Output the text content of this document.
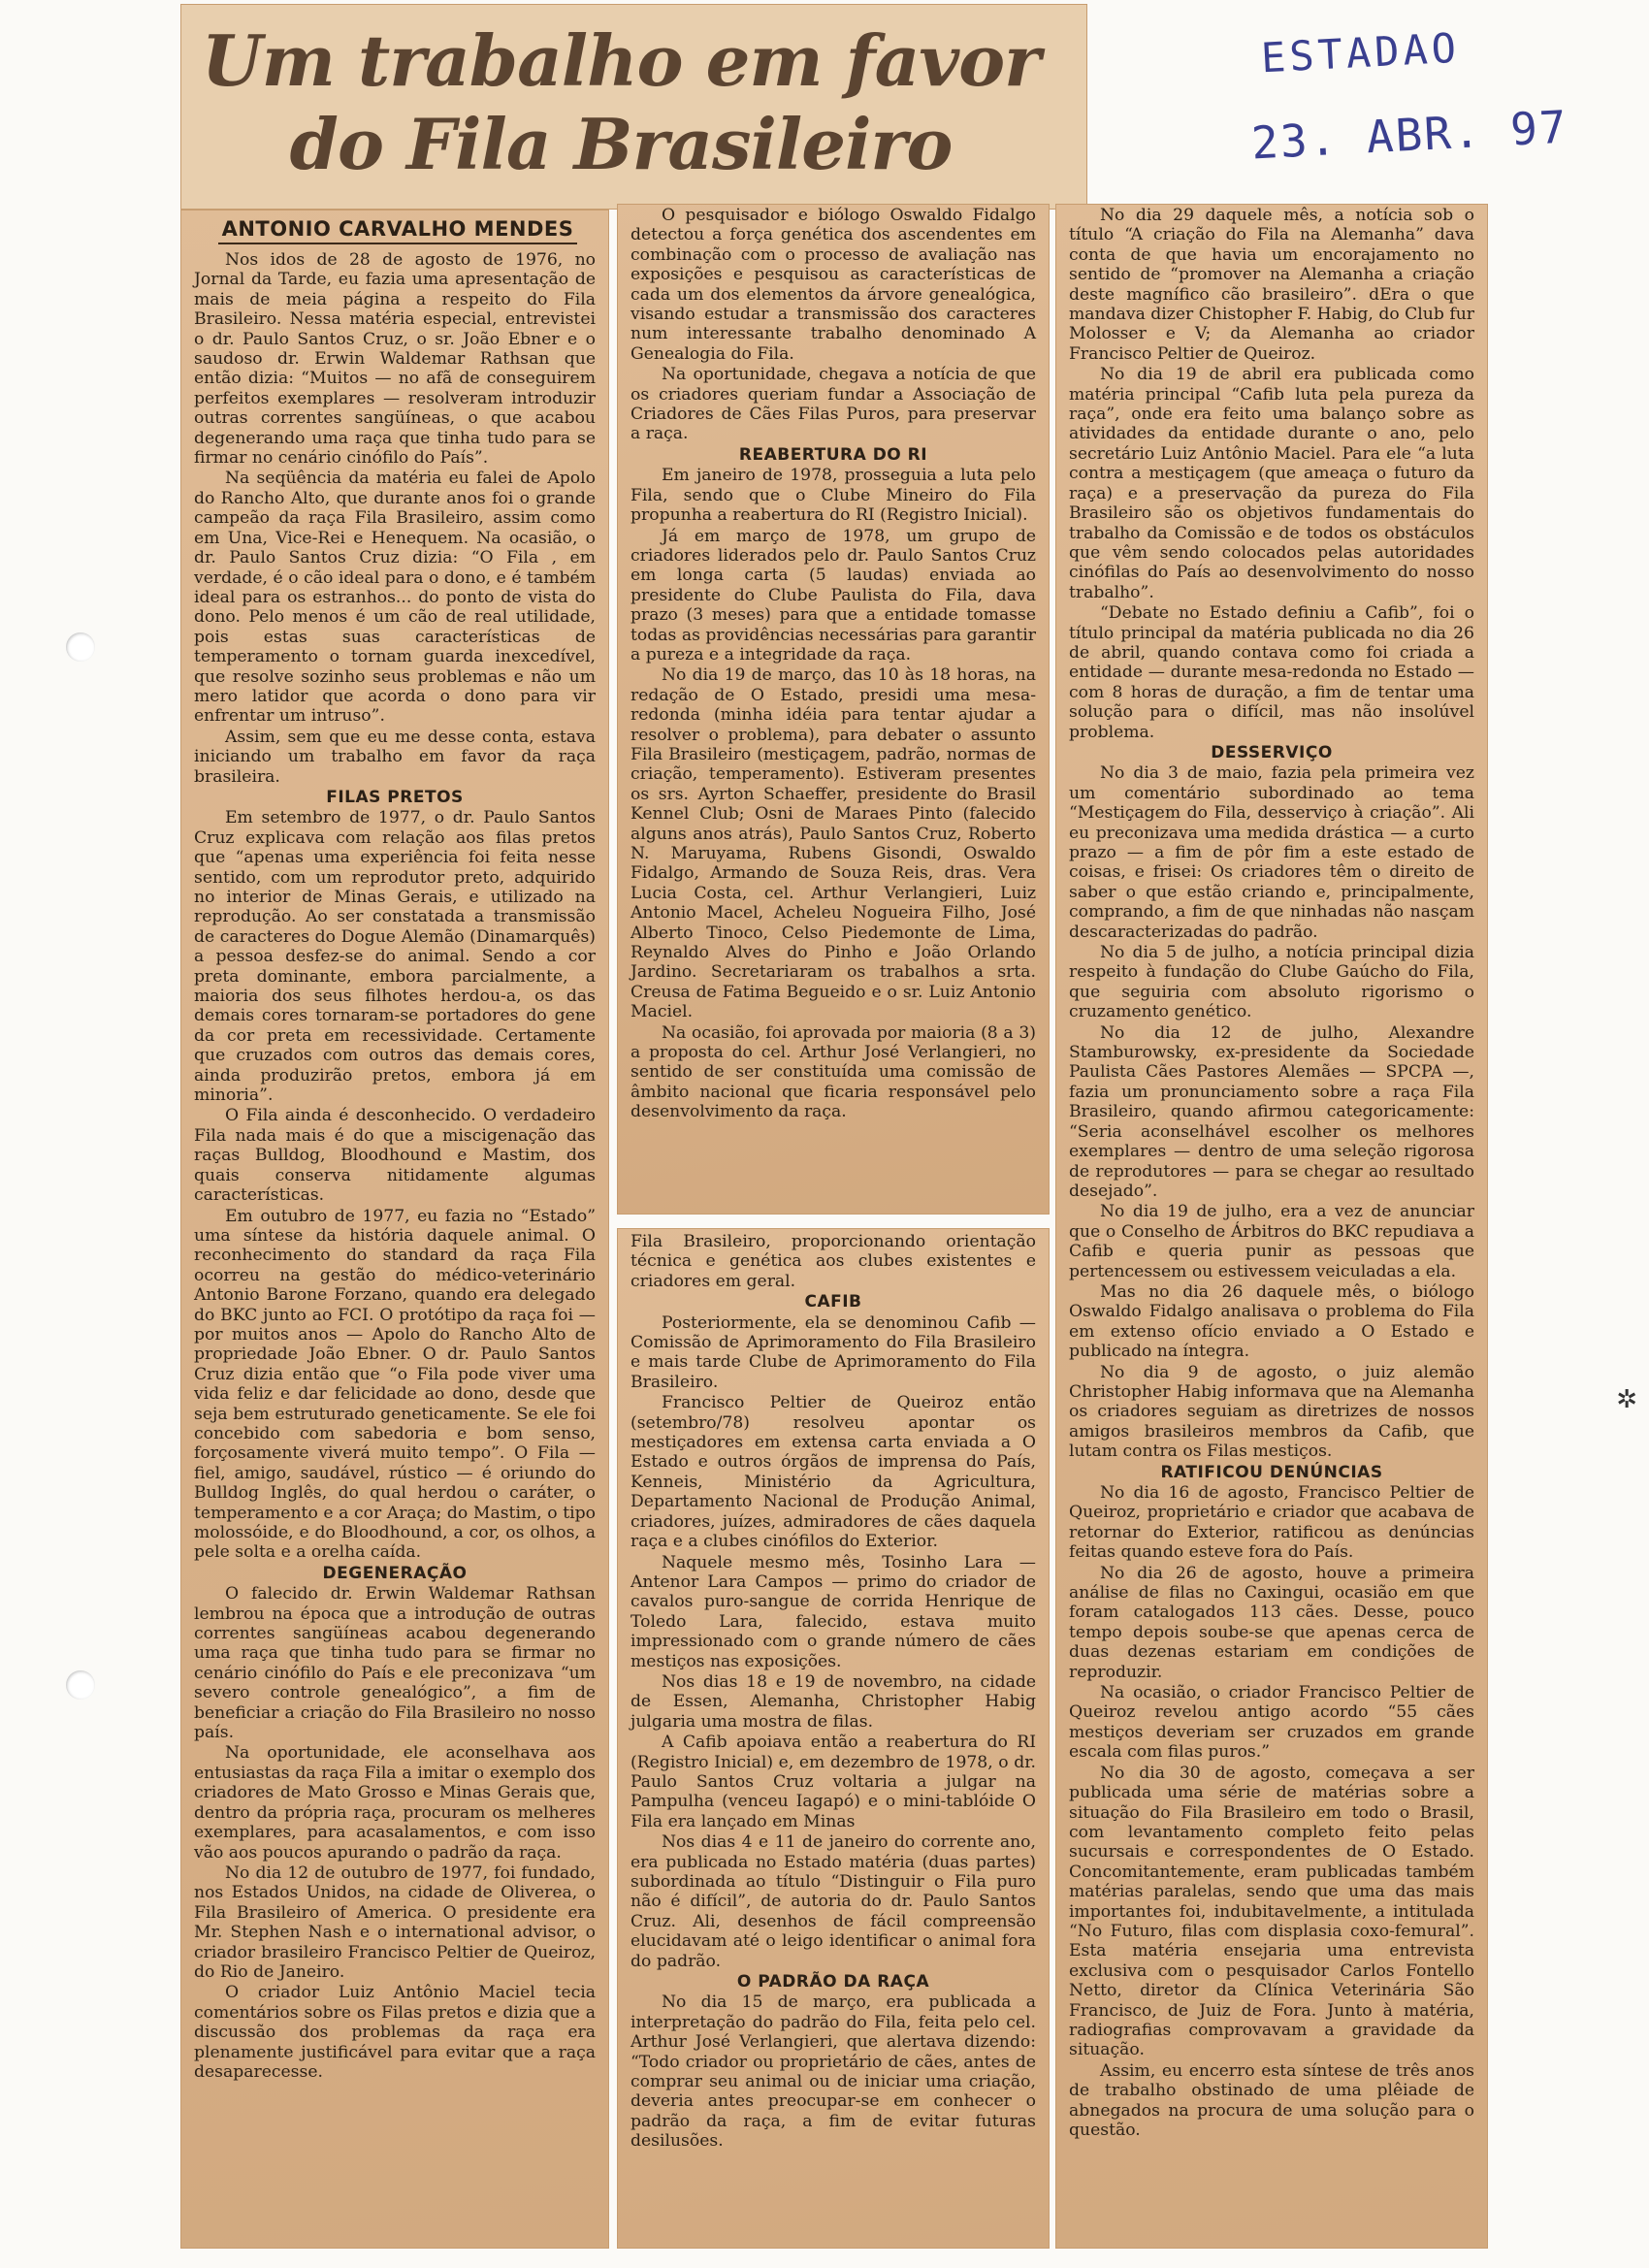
ESTADAO
23. ABR. 97
Um trabalho em favor
do Fila Brasileiro
ANTONIO CARVALHO MENDES

Nos idos de 28 de agosto de 1976, no Jornal da Tarde, eu fazia uma apresentação de mais de meia página a respeito do Fila Brasileiro. Nessa matéria especial, entrevistei o dr. Paulo Santos Cruz, o sr. João Ebner e o saudoso dr. Erwin Waldemar Rathsan que então dizia: “Muitos — no afã de conseguirem perfeitos exemplares — resolveram introduzir outras correntes sangüíneas, o que acabou degenerando uma raça que tinha tudo para se firmar no cenário cinófilo do País”.

Na seqüência da matéria eu falei de Apolo do Rancho Alto, que durante anos foi o grande campeão da raça Fila Brasileiro, assim como em Una, Vice-Rei e Henequem. Na ocasião, o dr. Paulo Santos Cruz dizia: “O Fila , em verdade, é o cão ideal para o dono, e é também ideal para os estranhos... do ponto de vista do dono. Pelo menos é um cão de real utilidade, pois estas suas características de temperamento o tornam guarda inexcedível, que resolve sozinho seus problemas e não um mero latidor que acorda o dono para vir enfrentar um intruso”.

Assim, sem que eu me desse conta, estava iniciando um trabalho em favor da raça brasileira.

FILAS PRETOS

Em setembro de 1977, o dr. Paulo Santos Cruz explicava com relação aos filas pretos que “apenas uma experiência foi feita nesse sentido, com um reprodutor preto, adquirido no interior de Minas Gerais, e utilizado na reprodução. Ao ser constatada a transmissão de caracteres do Dogue Alemão (Dinamarquês) a pessoa desfez-se do animal. Sendo a cor preta dominante, embora parcialmente, a maioria dos seus filhotes herdou-a, os das demais cores tornaram-se portadores do gene da cor preta em recessividade. Certamente que cruzados com outros das demais cores, ainda produzirão pretos, embora já em minoria”.

O Fila ainda é desconhecido. O verdadeiro Fila nada mais é do que a miscigenação das raças Bulldog, Bloodhound e Mastim, dos quais conserva nitidamente algumas características.

Em outubro de 1977, eu fazia no “Estado” uma síntese da história daquele animal. O reconhecimento do standard da raça Fila ocorreu na gestão do médico-veterinário Antonio Barone Forzano, quando era delegado do BKC junto ao FCI. O protótipo da raça foi — por muitos anos — Apolo do Rancho Alto de propriedade João Ebner. O dr. Paulo Santos Cruz dizia então que “o Fila pode viver uma vida feliz e dar felicidade ao dono, desde que seja bem estruturado geneticamente. Se ele foi concebido com sabedoria e bom senso, forçosamente viverá muito tempo”. O Fila — fiel, amigo, saudável, rústico — é oriundo do Bulldog Inglês, do qual herdou o caráter, o temperamento e a cor Araça; do Mastim, o tipo molossóide, e do Bloodhound, a cor, os olhos, a pele solta e a orelha caída.

DEGENERAÇÃO

O falecido dr. Erwin Waldemar Rathsan lembrou na época que a introdução de outras correntes sangüíneas acabou degenerando uma raça que tinha tudo para se firmar no cenário cinófilo do País e ele preconizava “um severo controle genealógico”, a fim de beneficiar a criação do Fila Brasileiro no nosso país.

Na oportunidade, ele aconselhava aos entusiastas da raça Fila a imitar o exemplo dos criadores de Mato Grosso e Minas Gerais que, dentro da própria raça, procuram os melheres exemplares, para acasalamentos, e com isso vão aos poucos apurando o padrão da raça.

No dia 12 de outubro de 1977, foi fundado, nos Estados Unidos, na cidade de Oliverea, o Fila Brasileiro of America. O presidente era Mr. Stephen Nash e o international advisor, o criador brasileiro Francisco Peltier de Queiroz, do Rio de Janeiro.

O criador Luiz Antônio Maciel tecia comentários sobre os Filas pretos e dizia que a discussão dos problemas da raça era plenamente justificável para evitar que a raça desaparecesse.

O pesquisador e biólogo Oswaldo Fidalgo detectou a força genética dos ascendentes em combinação com o processo de avaliação nas exposições e pesquisou as características de cada um dos elementos da árvore genealógica, visando estudar a transmissão dos caracteres num interessante trabalho denominado A Genealogia do Fila.

Na oportunidade, chegava a notícia de que os criadores queriam fundar a Associação de Criadores de Cães Filas Puros, para preservar a raça.

REABERTURA DO RI

Em janeiro de 1978, prosseguia a luta pelo Fila, sendo que o Clube Mineiro do Fila propunha a reabertura do RI (Registro Inicial).

Já em março de 1978, um grupo de criadores liderados pelo dr. Paulo Santos Cruz em longa carta (5 laudas) enviada ao presidente do Clube Paulista do Fila, dava prazo (3 meses) para que a entidade tomasse todas as providências necessárias para garantir a pureza e a integridade da raça.

No dia 19 de março, das 10 às 18 horas, na redação de O Estado, presidi uma mesa-redonda (minha idéia para tentar ajudar a resolver o problema), para debater o assunto Fila Brasileiro (mestiçagem, padrão, normas de criação, temperamento). Estiveram presentes os srs. Ayrton Schaeffer, presidente do Brasil Kennel Club; Osni de Maraes Pinto (falecido alguns anos atrás), Paulo Santos Cruz, Roberto N. Maruyama, Rubens Gisondi, Oswaldo Fidalgo, Armando de Souza Reis, dras. Vera Lucia Costa, cel. Arthur Verlangieri, Luiz Antonio Macel, Acheleu Nogueira Filho, José Alberto Tinoco, Celso Piedemonte de Lima, Reynaldo Alves do Pinho e João Orlando Jardino. Secretariaram os trabalhos a srta. Creusa de Fatima Begueido e o sr. Luiz Antonio Maciel.

Na ocasião, foi aprovada por maioria (8 a 3) a proposta do cel. Arthur José Verlangieri, no sentido de ser constituída uma comissão de âmbito nacional que ficaria responsável pelo desenvolvimento da raça.

Fila Brasileiro, proporcionando orientação técnica e genética aos clubes existentes e criadores em geral.

CAFIB

Posteriormente, ela se denominou Cafib — Comissão de Aprimoramento do Fila Brasileiro e mais tarde Clube de Aprimoramento do Fila Brasileiro.

Francisco Peltier de Queiroz então (setembro/78) resolveu apontar os mestiçadores em extensa carta enviada a O Estado e outros órgãos de imprensa do País, Kenneis, Ministério da Agricultura, Departamento Nacional de Produção Animal, criadores, juízes, admiradores de cães daquela raça e a clubes cinófilos do Exterior.

Naquele mesmo mês, Tosinho Lara — Antenor Lara Campos — primo do criador de cavalos puro-sangue de corrida Henrique de Toledo Lara, falecido, estava muito impressionado com o grande número de cães mestiços nas exposições.

Nos dias 18 e 19 de novembro, na cidade de Essen, Alemanha, Christopher Habig julgaria uma mostra de filas.

A Cafib apoiava então a reabertura do RI (Registro Inicial) e, em dezembro de 1978, o dr. Paulo Santos Cruz voltaria a julgar na Pampulha (venceu Iagapó) e o mini-tablóide O Fila era lançado em Minas

Nos dias 4 e 11 de janeiro do corrente ano, era publicada no Estado matéria (duas partes) subordinada ao título “Distinguir o Fila puro não é difícil”, de autoria do dr. Paulo Santos Cruz. Ali, desenhos de fácil compreensão elucidavam até o leigo identificar o animal fora do padrão.

O PADRÃO DA RAÇA

No dia 15 de março, era publicada a interpretação do padrão do Fila, feita pelo cel. Arthur José Verlangieri, que alertava dizendo: “Todo criador ou proprietário de cães, antes de comprar seu animal ou de iniciar uma criação, deveria antes preocupar-se em conhecer o padrão da raça, a fim de evitar futuras desilusões.

No dia 29 daquele mês, a notícia sob o título “A criação do Fila na Alemanha” dava conta de que havia um encorajamento no sentido de “promover na Alemanha a criação deste magnífico cão brasileiro”. dEra o que mandava dizer Chistopher F. Habig, do Club fur Molosser e V; da Alemanha ao criador Francisco Peltier de Queiroz.

No dia 19 de abril era publicada como matéria principal “Cafib luta pela pureza da raça”, onde era feito uma balanço sobre as atividades da entidade durante o ano, pelo secretário Luiz Antônio Maciel. Para ele “a luta contra a mestiçagem (que ameaça o futuro da raça) e a preservação da pureza do Fila Brasileiro são os objetivos fundamentais do trabalho da Comissão e de todos os obstáculos que vêm sendo colocados pelas autoridades cinófilas do País ao desenvolvimento do nosso trabalho”.

“Debate no Estado definiu a Cafib”, foi o título principal da matéria publicada no dia 26 de abril, quando contava como foi criada a entidade — durante mesa-redonda no Estado — com 8 horas de duração, a fim de tentar uma solução para o difícil, mas não insolúvel problema.

DESSERVIÇO

No dia 3 de maio, fazia pela primeira vez um comentário subordinado ao tema “Mestiçagem do Fila, desserviço à criação”. Ali eu preconizava uma medida drástica — a curto prazo — a fim de pôr fim a este estado de coisas, e frisei: Os criadores têm o direito de saber o que estão criando e, principalmente, comprando, a fim de que ninhadas não nasçam descaracterizadas do padrão.

No dia 5 de julho, a notícia principal dizia respeito à fundação do Clube Gaúcho do Fila, que seguiria com absoluto rigorismo o cruzamento genético.

No dia 12 de julho, Alexandre Stamburowsky, ex-presidente da Sociedade Paulista Cães Pastores Alemães — SPCPA —, fazia um pronunciamento sobre a raça Fila Brasileiro, quando afirmou categoricamente: “Seria aconselhável escolher os melhores exemplares — dentro de uma seleção rigorosa de reprodutores — para se chegar ao resultado desejado”.

No dia 19 de julho, era a vez de anunciar que o Conselho de Árbitros do BKC repudiava a Cafib e queria punir as pessoas que pertencessem ou estivessem veiculadas a ela.

Mas no dia 26 daquele mês, o biólogo Oswaldo Fidalgo analisava o problema do Fila em extenso ofício enviado a O Estado e publicado na íntegra.

No dia 9 de agosto, o juiz alemão Christopher Habig informava que na Alemanha os criadores seguiam as diretrizes de nossos amigos brasileiros membros da Cafib, que lutam contra os Filas mestiços.

RATIFICOU DENÚNCIAS

No dia 16 de agosto, Francisco Peltier de Queiroz, proprietário e criador que acabava de retornar do Exterior, ratificou as denúncias feitas quando esteve fora do País.

No dia 26 de agosto, houve a primeira análise de filas no Caxingui, ocasião em que foram catalogados 113 cães. Desse, pouco tempo depois soube-se que apenas cerca de duas dezenas estariam em condições de reproduzir.

Na ocasião, o criador Francisco Peltier de Queiroz revelou antigo acordo “55 cães mestiços deveriam ser cruzados em grande escala com filas puros.”

No dia 30 de agosto, começava a ser publicada uma série de matérias sobre a situação do Fila Brasileiro em todo o Brasil, com levantamento completo feito pelas sucursais e correspondentes de O Estado. Concomitantemente, eram publicadas também matérias paralelas, sendo que uma das mais importantes foi, indubitavelmente, a intitulada “No Futuro, filas com displasia coxo-femural”. Esta matéria ensejaria uma entrevista exclusiva com o pesquisador Carlos Fontello Netto, diretor da Clínica Veterinária São Francisco, de Juiz de Fora. Junto à matéria, radiografias comprovavam a gravidade da situação.

Assim, eu encerro esta síntese de três anos de trabalho obstinado de uma plêiade de abnegados na procura de uma solução para o questão.

✲
